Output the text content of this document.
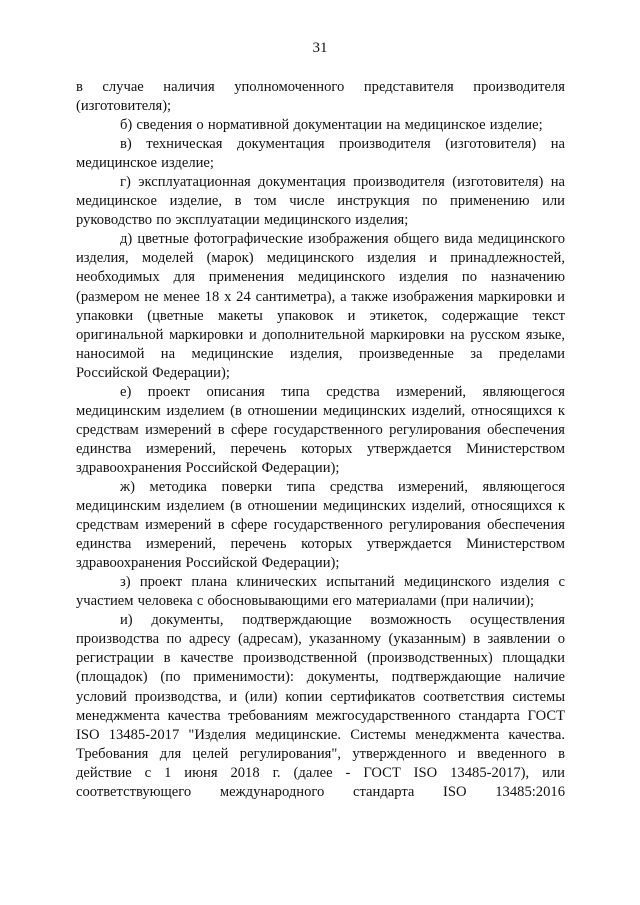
31

в случае наличия уполномоченного представителя производителя (изготовителя);

б) сведения о нормативной документации на медицинское изделие;

в) техническая документация производителя (изготовителя) на медицинское изделие;

г) эксплуатационная документация производителя (изготовителя) на медицинское изделие, в том числе инструкция по применению или руководство по эксплуатации медицинского изделия;

д) цветные фотографические изображения общего вида медицинского изделия, моделей (марок) медицинского изделия и принадлежностей, необходимых для применения медицинского изделия по назначению (размером не менее 18 x 24 сантиметра), а также изображения маркировки и упаковки (цветные макеты упаковок и этикеток, содержащие текст оригинальной маркировки и дополнительной маркировки на русском языке, наносимой на медицинские изделия, произведенные за пределами Российской Федерации);

е) проект описания типа средства измерений, являющегося медицинским изделием (в отношении медицинских изделий, относящихся к средствам измерений в сфере государственного регулирования обеспечения единства измерений, перечень которых утверждается Министерством здравоохранения Российской Федерации);

ж) методика поверки типа средства измерений, являющегося медицинским изделием (в отношении медицинских изделий, относящихся к средствам измерений в сфере государственного регулирования обеспечения единства измерений, перечень которых утверждается Министерством здравоохранения Российской Федерации);

з) проект плана клинических испытаний медицинского изделия с участием человека с обосновывающими его материалами (при наличии);

и) документы, подтверждающие возможность осуществления производства по адресу (адресам), указанному (указанным) в заявлении о регистрации в качестве производственной (производственных) площадки (площадок) (по применимости): документы, подтверждающие наличие условий производства, и (или) копии сертификатов соответствия системы менеджмента качества требованиям межгосударственного стандарта ГОСТ ISO 13485-2017 "Изделия медицинские. Системы менеджмента качества. Требования для целей регулирования", утвержденного и введенного в действие с 1 июня 2018 г. (далее - ГОСТ ISO 13485-2017), или соответствующего международного стандарта ISO 13485:2016
